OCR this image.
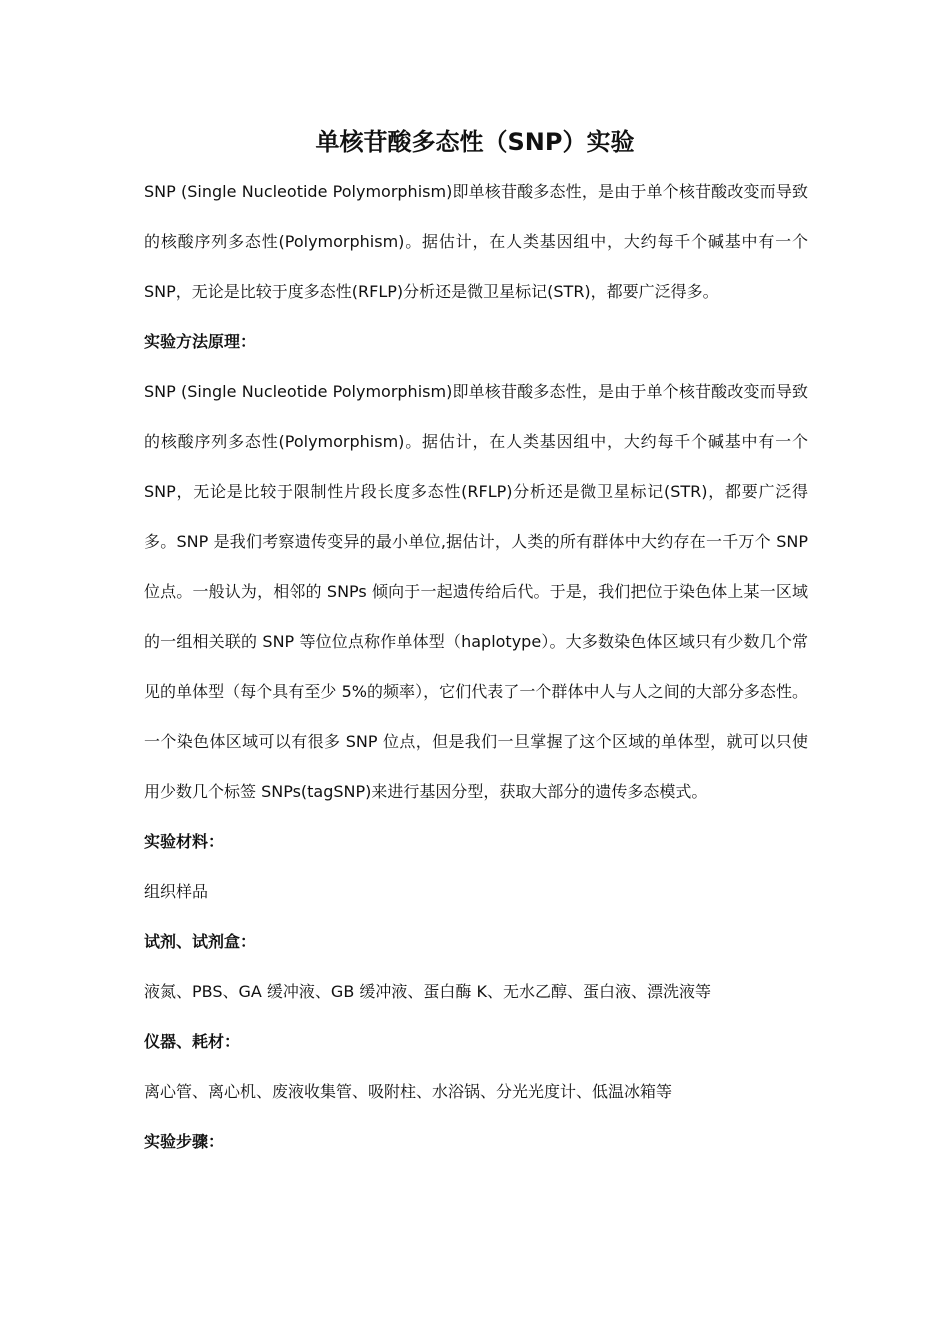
单核苷酸多态性（SNP）实验

SNP (Single Nucleotide Polymorphism)即单核苷酸多态性，是由于单个核苷酸改变而导致的核酸序列多态性(Polymorphism)。据估计，在人类基因组中，大约每千个碱基中有一个 SNP，无论是比较于度多态性(RFLP)分析还是微卫星标记(STR)，都要广泛得多。

实验方法原理：

SNP (Single Nucleotide Polymorphism)即单核苷酸多态性，是由于单个核苷酸改变而导致的核酸序列多态性(Polymorphism)。据估计，在人类基因组中，大约每千个碱基中有一个 SNP，无论是比较于限制性片段长度多态性(RFLP)分析还是微卫星标记(STR)，都要广泛得多。SNP 是我们考察遗传变异的最小单位,据估计，人类的所有群体中大约存在一千万个 SNP 位点。一般认为，相邻的 SNPs 倾向于一起遗传给后代。于是，我们把位于染色体上某一区域的一组相关联的 SNP 等位位点称作单体型（haplotype）。大多数染色体区域只有少数几个常见的单体型（每个具有至少 5%的频率），它们代表了一个群体中人与人之间的大部分多态性。一个染色体区域可以有很多 SNP 位点，但是我们一旦掌握了这个区域的单体型，就可以只使用少数几个标签 SNPs(tagSNP)来进行基因分型，获取大部分的遗传多态模式。

实验材料：

组织样品

试剂、试剂盒：

液氮、PBS、GA 缓冲液、GB 缓冲液、蛋白酶 K、无水乙醇、蛋白液、漂洗液等

仪器、耗材：

离心管、离心机、废液收集管、吸附柱、水浴锅、分光光度计、低温冰箱等

实验步骤：
